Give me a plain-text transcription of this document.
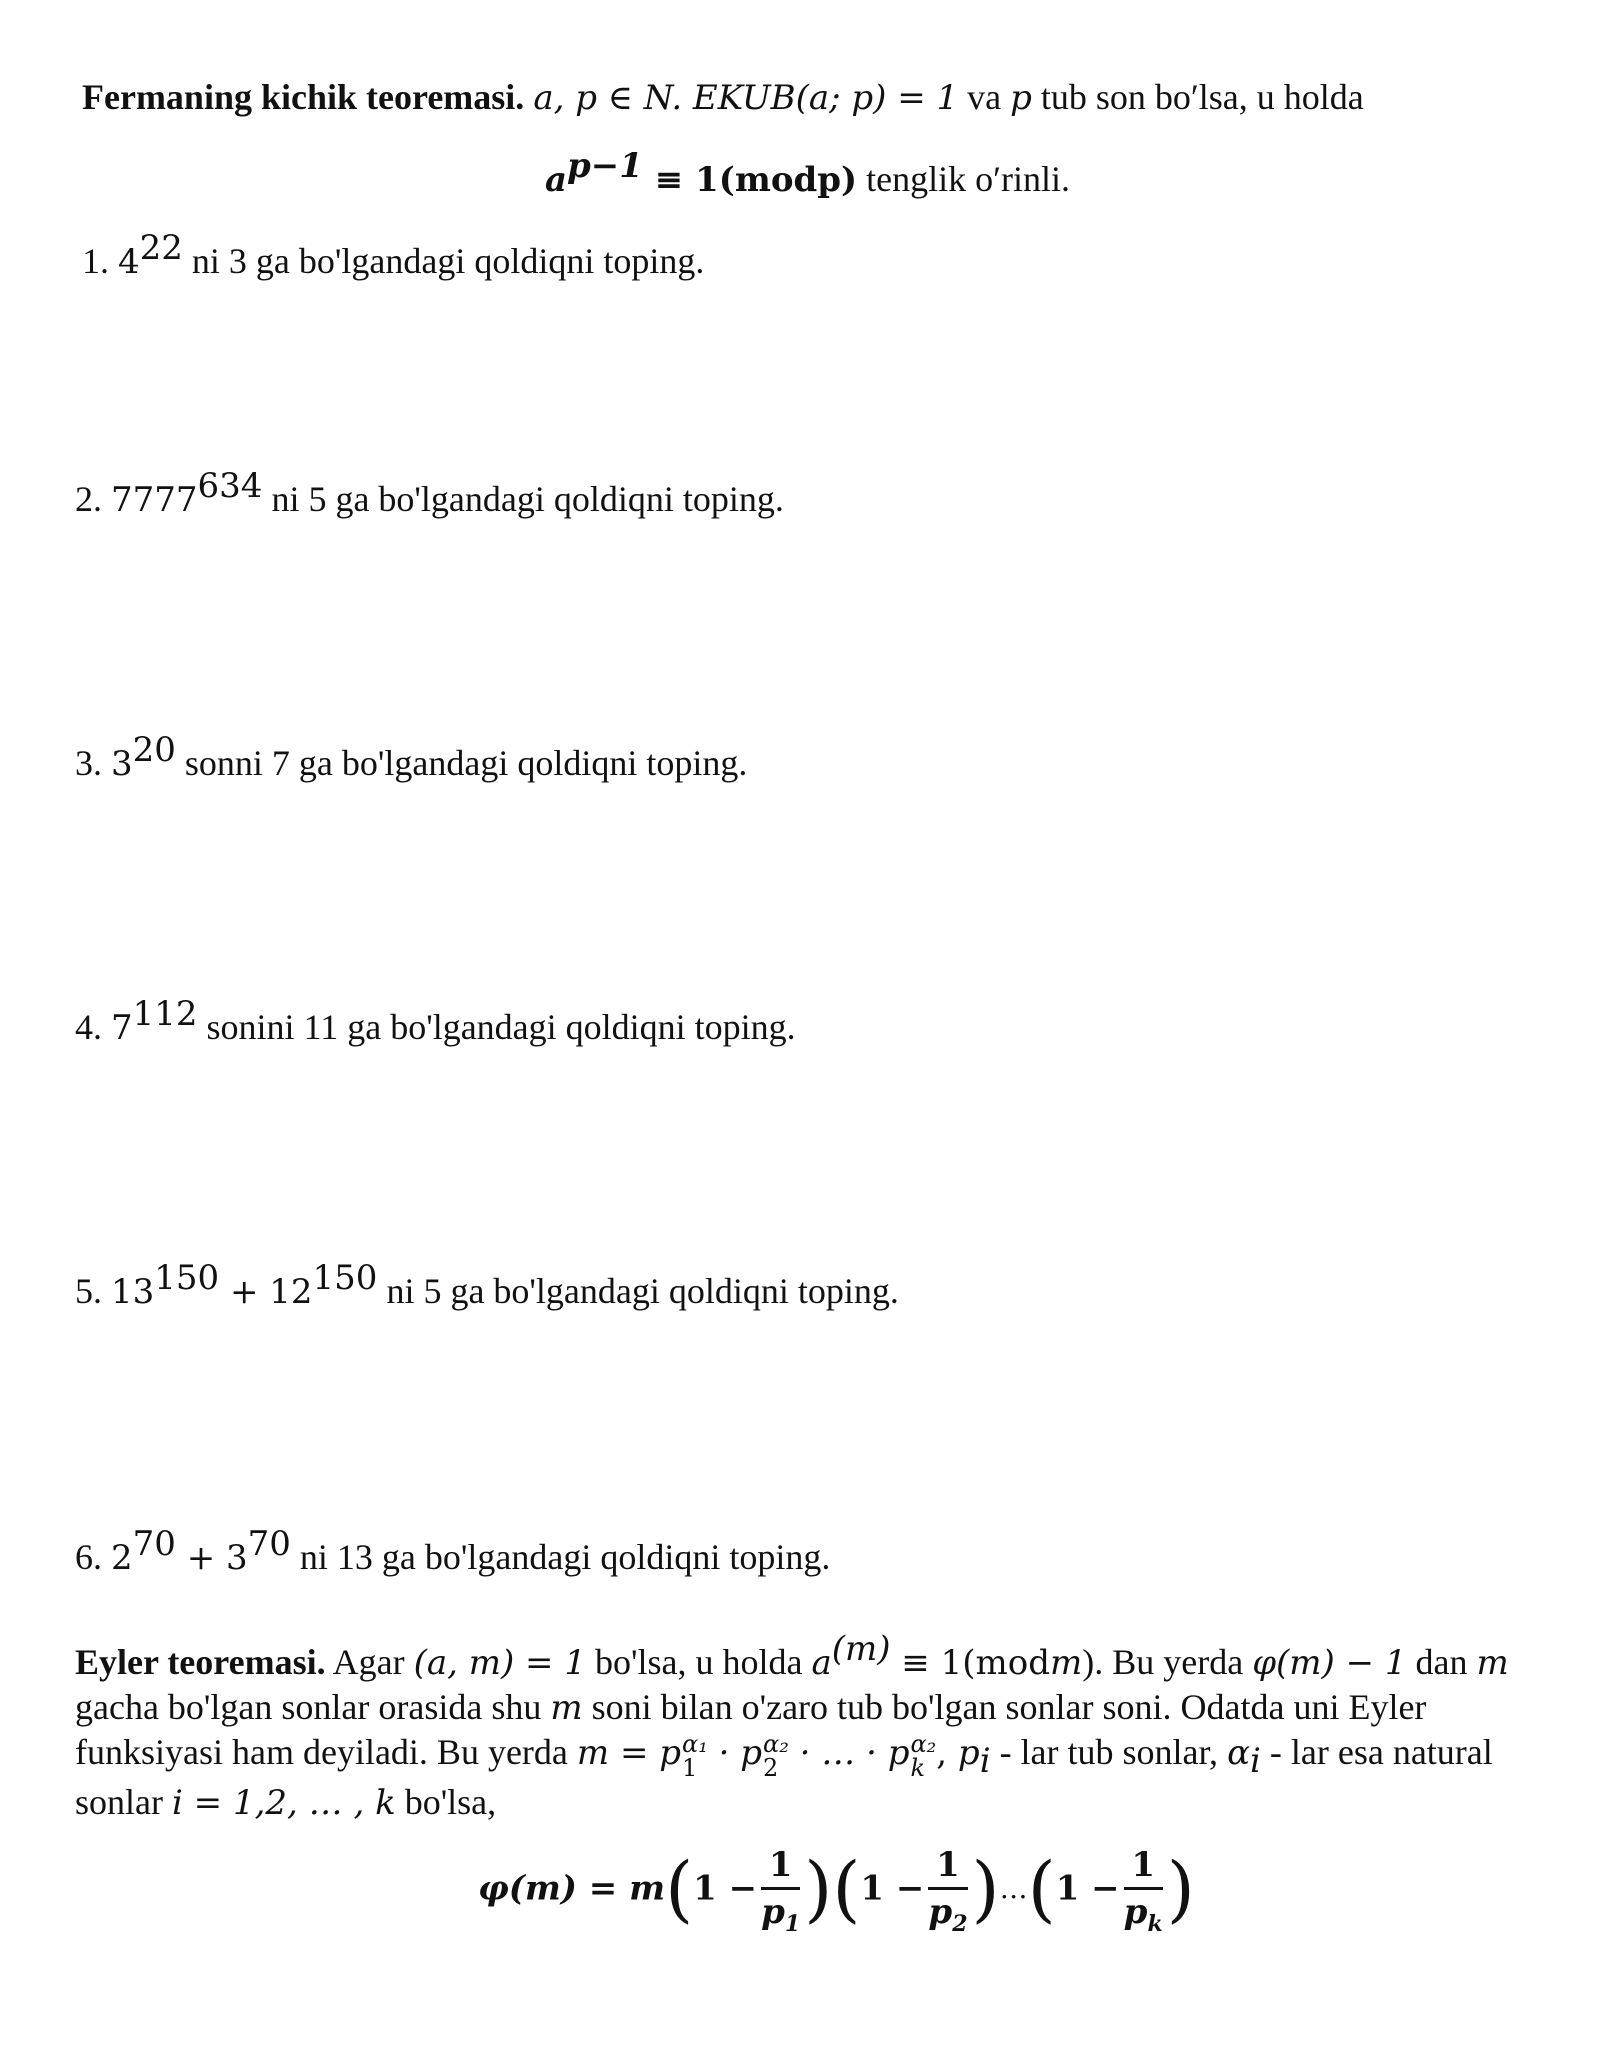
Fermaning kichik teoremasi. a, p ∈ N. EKUB(a; p) = 1 va p tub son bo′lsa, u holda
$a^{p-1}$ ≡ 1(modp) tenglik o′rinli.
1. $4^{22}$ ni 3 ga bo'lgandagi qoldiqni toping.
2. 7777$^{634}$ ni 5 ga bo'lgandagi qoldiqni toping.
3. $3^{20}$ sonni 7 ga bo'lgandagi qoldiqni toping.
4. $7^{112}$ sonini 11 ga bo'lgandagi qoldiqni toping.
5. $13^{150} + 12^{150}$ ni 5 ga bo'lgandagi qoldiqni toping.
6. $2^{70} + 3^{70}$ ni 13 ga bo'lgandagi qoldiqni toping.
Eyler teoremasi. Agar (a, m) = 1 bo'lsa, u holda $a^{(m)}$ ≡ 1(modm). Bu yerda φ(m) − 1 dan m
gacha bo'lgan sonlar orasida shu m soni bilan o'zaro tub bo'lgan sonlar soni. Odatda uni Eyler
funksiyasi ham deyiladi. Bu yerda m = p α₁
1 · p α₂
2 · … · p α₂
k , $p_i$ - lar tub sonlar, $\alpha_i$ - lar esa natural
sonlar i = 1,2, … , k bo'lsa,
$\varphi(m) = m(1 - \frac{1}{p_1} )(1 - \frac{1}{p_2}$ )…(1 − $\frac{1}{p_k}$ )
